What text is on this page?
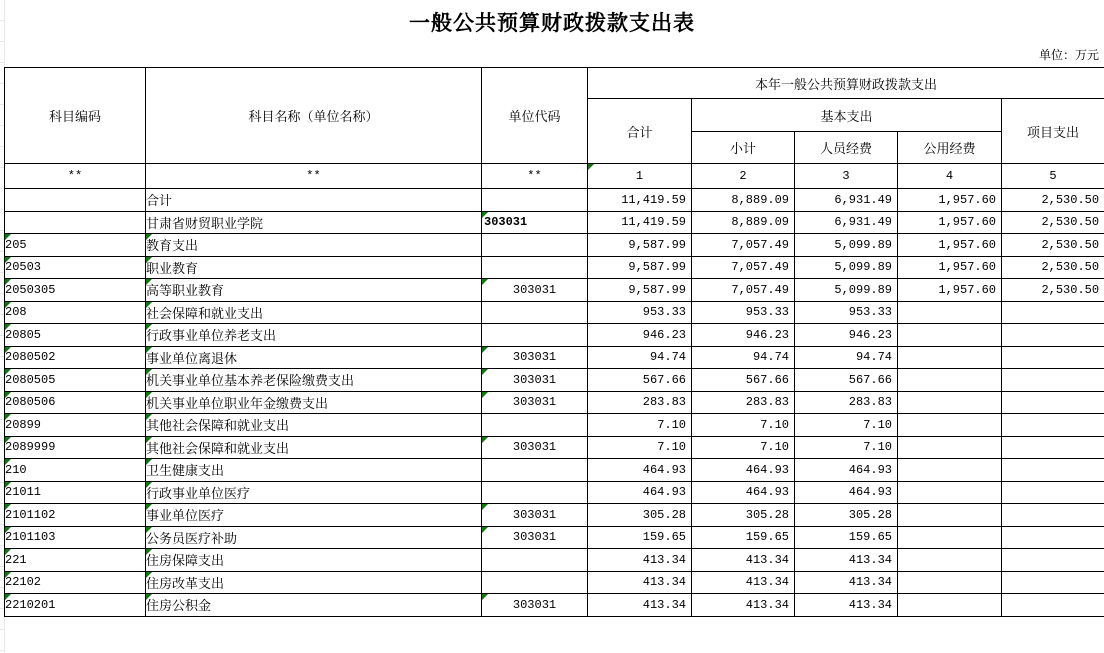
一般公共预算财政拨款支出表
单位：万元
科目编码	科目名称（单位名称）	单位代码	本年一般公共预算财政拨款支出				
			合计	基本支出			项目支出
				小计	人员经费	公用经费	
**	**	**	1	2	3	4	5
	合计		11,419.59	8,889.09	6,931.49	1,957.60	2,530.50
	甘肃省财贸职业学院	303031	11,419.59	8,889.09	6,931.49	1,957.60	2,530.50
205	教育支出		9,587.99	7,057.49	5,099.89	1,957.60	2,530.50
20503	职业教育		9,587.99	7,057.49	5,099.89	1,957.60	2,530.50
2050305	高等职业教育	303031	9,587.99	7,057.49	5,099.89	1,957.60	2,530.50
208	社会保障和就业支出		953.33	953.33	953.33		
20805	行政事业单位养老支出		946.23	946.23	946.23		
2080502	事业单位离退休	303031	94.74	94.74	94.74		
2080505	机关事业单位基本养老保险缴费支出	303031	567.66	567.66	567.66		
2080506	机关事业单位职业年金缴费支出	303031	283.83	283.83	283.83		
20899	其他社会保障和就业支出		7.10	7.10	7.10		
2089999	其他社会保障和就业支出	303031	7.10	7.10	7.10		
210	卫生健康支出		464.93	464.93	464.93		
21011	行政事业单位医疗		464.93	464.93	464.93		
2101102	事业单位医疗	303031	305.28	305.28	305.28		
2101103	公务员医疗补助	303031	159.65	159.65	159.65		
221	住房保障支出		413.34	413.34	413.34		
22102	住房改革支出		413.34	413.34	413.34		
2210201	住房公积金	303031	413.34	413.34	413.34		
